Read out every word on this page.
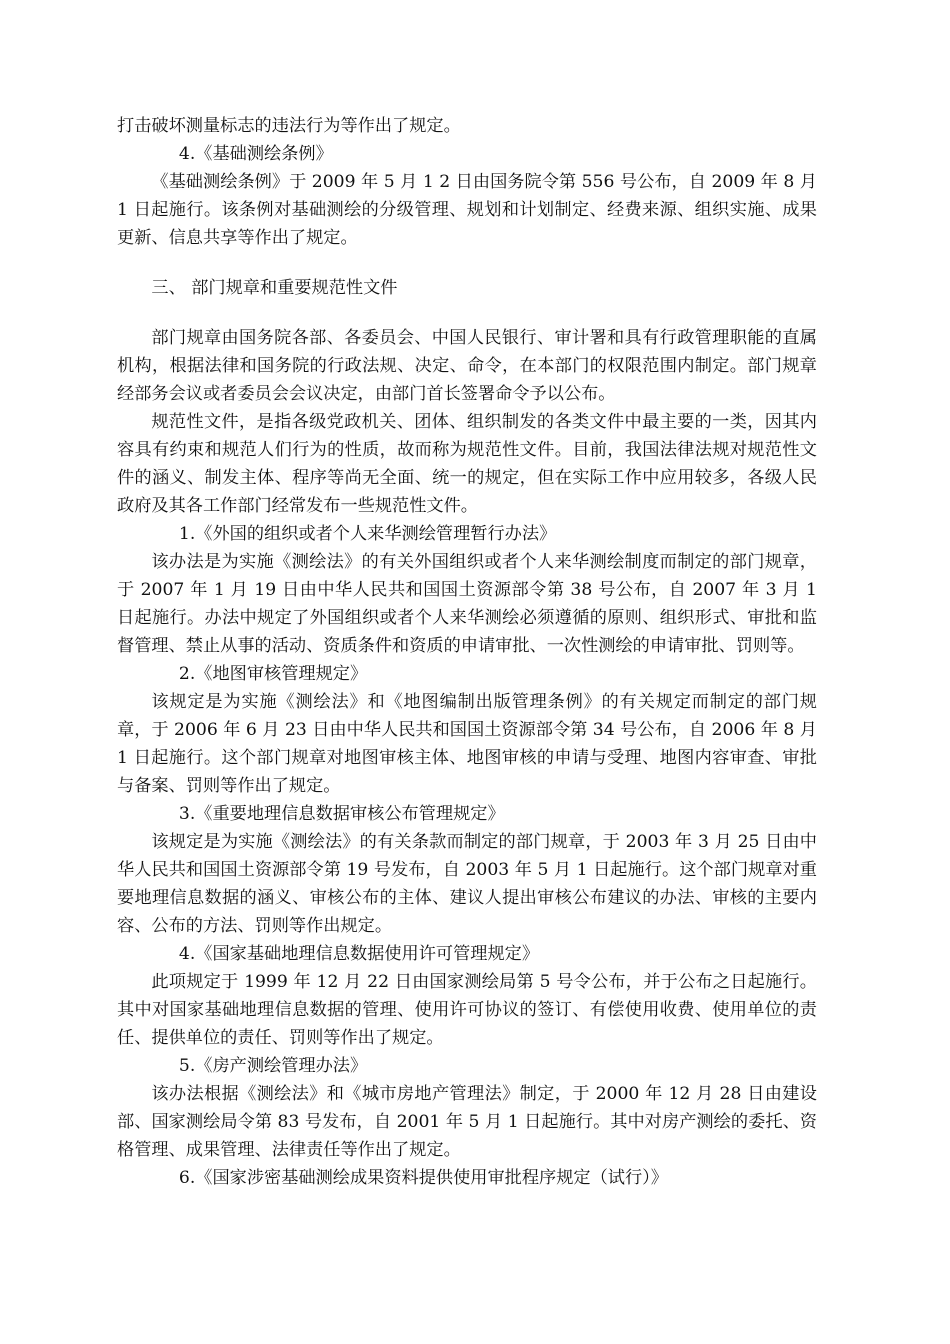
打击破坏测量标志的违法行为等作出了规定。

4.《基础测绘条例》

《基础测绘条例》于 2009 年 5 月 1 2 日由国务院令第 556 号公布，自 2009 年 8 月 1 日起施行。该条例对基础测绘的分级管理、规划和计划制定、经费来源、组织实施、成果更新、信息共享等作出了规定。

三、 部门规章和重要规范性文件

部门规章由国务院各部、各委员会、中国人民银行、审计署和具有行政管理职能的直属机构，根据法律和国务院的行政法规、决定、命令，在本部门的权限范围内制定。部门规章经部务会议或者委员会会议决定，由部门首长签署命令予以公布。

规范性文件，是指各级党政机关、团体、组织制发的各类文件中最主要的一类，因其内容具有约束和规范人们行为的性质，故而称为规范性文件。目前，我国法律法规对规范性文件的涵义、制发主体、程序等尚无全面、统一的规定，但在实际工作中应用较多，各级人民政府及其各工作部门经常发布一些规范性文件。

1.《外国的组织或者个人来华测绘管理暂行办法》

该办法是为实施《测绘法》的有关外国组织或者个人来华测绘制度而制定的部门规章，于 2007 年 1 月 19 日由中华人民共和国国土资源部令第 38 号公布，自 2007 年 3 月 1 日起施行。办法中规定了外国组织或者个人来华测绘必须遵循的原则、组织形式、审批和监督管理、禁止从事的活动、资质条件和资质的申请审批、一次性测绘的申请审批、罚则等。

2.《地图审核管理规定》

该规定是为实施《测绘法》和《地图编制出版管理条例》的有关规定而制定的部门规章，于 2006 年 6 月 23 日由中华人民共和国国土资源部令第 34 号公布，自 2006 年 8 月 1 日起施行。这个部门规章对地图审核主体、地图审核的申请与受理、地图内容审查、审批与备案、罚则等作出了规定。

3.《重要地理信息数据审核公布管理规定》

该规定是为实施《测绘法》的有关条款而制定的部门规章，于 2003 年 3 月 25 日由中华人民共和国国土资源部令第 19 号发布，自 2003 年 5 月 1 日起施行。这个部门规章对重要地理信息数据的涵义、审核公布的主体、建议人提出审核公布建议的办法、审核的主要内容、公布的方法、罚则等作出规定。

4.《国家基础地理信息数据使用许可管理规定》

此项规定于 1999 年 12 月 22 日由国家测绘局第 5 号令公布，并于公布之日起施行。其中对国家基础地理信息数据的管理、使用许可协议的签订、有偿使用收费、使用单位的责任、提供单位的责任、罚则等作出了规定。

5.《房产测绘管理办法》

该办法根据《测绘法》和《城市房地产管理法》制定，于 2000 年 12 月 28 日由建设部、国家测绘局令第 83 号发布，自 2001 年 5 月 1 日起施行。其中对房产测绘的委托、资格管理、成果管理、法律责任等作出了规定。

6.《国家涉密基础测绘成果资料提供使用审批程序规定（试行）》
